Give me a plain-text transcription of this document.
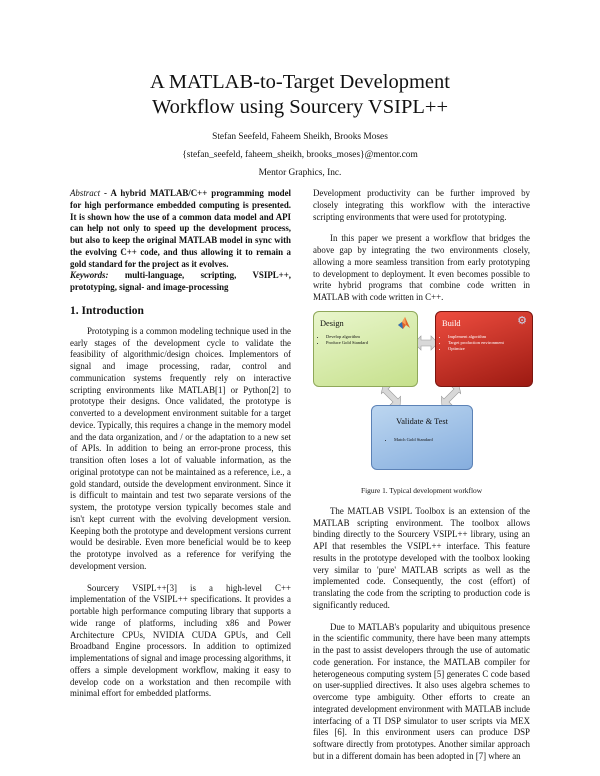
A MATLAB-to-Target Development
Workflow using Sourcery VSIPL++
Stefan Seefeld, Faheem Sheikh, Brooks Moses
{stefan_seefeld, faheem_sheikh, brooks_moses}@mentor.com
Mentor Graphics, Inc.

Abstract - A hybrid MATLAB/C++ programming model for high performance embedded computing is presented. It is shown how the use of a common data model and API can help not only to speed up the development process, but also to keep the original MATLAB model in sync with the evolving C++ code, and thus allowing it to remain a gold standard for the project as it evolves.

Keywords: multi-language, scripting, VSIPL++, prototyping, signal- and image-processing

1. Introduction

Prototyping is a common modeling technique used in the early stages of the development cycle to validate the feasibility of algorithmic/design choices. Implementors of signal and image processing, radar, control and communication systems frequently rely on interactive scripting environments like MATLAB[1] or Python[2] to prototype their designs. Once validated, the prototype is converted to a development environment suitable for a target device. Typically, this requires a change in the memory model and the data organization, and / or the adaptation to a new set of APIs. In addition to being an error-prone process, this transition often loses a lot of valuable information, as the original prototype can not be maintained as a reference, i.e., a gold standard, outside the development environment. Since it is difficult to maintain and test two separate versions of the system, the prototype version typically becomes stale and isn't kept current with the evolving development version. Keeping both the prototype and development versions current would be desirable. Even more beneficial would be to keep the prototype involved as a reference for verifying the development version.

Sourcery VSIPL++[3] is a high-level C++ implementation of the VSIPL++ specifications. It provides a portable high performance computing library that supports a wide range of platforms, including x86 and Power Architecture CPUs, NVIDIA CUDA GPUs, and Cell Broadband Engine processors. In addition to optimized implementations of signal and image processing algorithms, it offers a simple development workflow, making it easy to develop code on a workstation and then recompile with minimal effort for embedded platforms.

Development productivity can be further improved by closely integrating this workflow with the interactive scripting environments that were used for prototyping.

In this paper we present a workflow that bridges the above gap by integrating the two environments closely, allowing a more seamless transition from early prototyping to development to deployment. It even becomes possible to write hybrid programs that combine code written in MATLAB with code written in C++.

Design
• Develop algorithm
• Produce Gold Standard
Build	⚙
• Implement algorithm
• Target production environment
• Optimize
Validate & Test
• Match Gold Standard

Figure 1. Typical development workflow

The MATLAB VSIPL Toolbox is an extension of the MATLAB scripting environment. The toolbox allows binding directly to the Sourcery VSIPL++ library, using an API that resembles the VSIPL++ interface. This feature results in the prototype developed with the toolbox looking very similar to 'pure' MATLAB scripts as well as the implemented code. Consequently, the cost (effort) of translating the code from the scripting to production code is significantly reduced.

Due to MATLAB's popularity and ubiquitous presence in the scientific community, there have been many attempts in the past to assist developers through the use of automatic code generation. For instance, the MATLAB compiler for heterogeneous computing system [5] generates C code based on user-supplied directives. It also uses algebra schemes to overcome type ambiguity. Other efforts to create an integrated development environment with MATLAB include interfacing of a TI DSP simulator to user scripts via MEX files [6]. In this environment users can produce DSP software directly from prototypes. Another similar approach but in a different domain has been adopted in [7] where an
